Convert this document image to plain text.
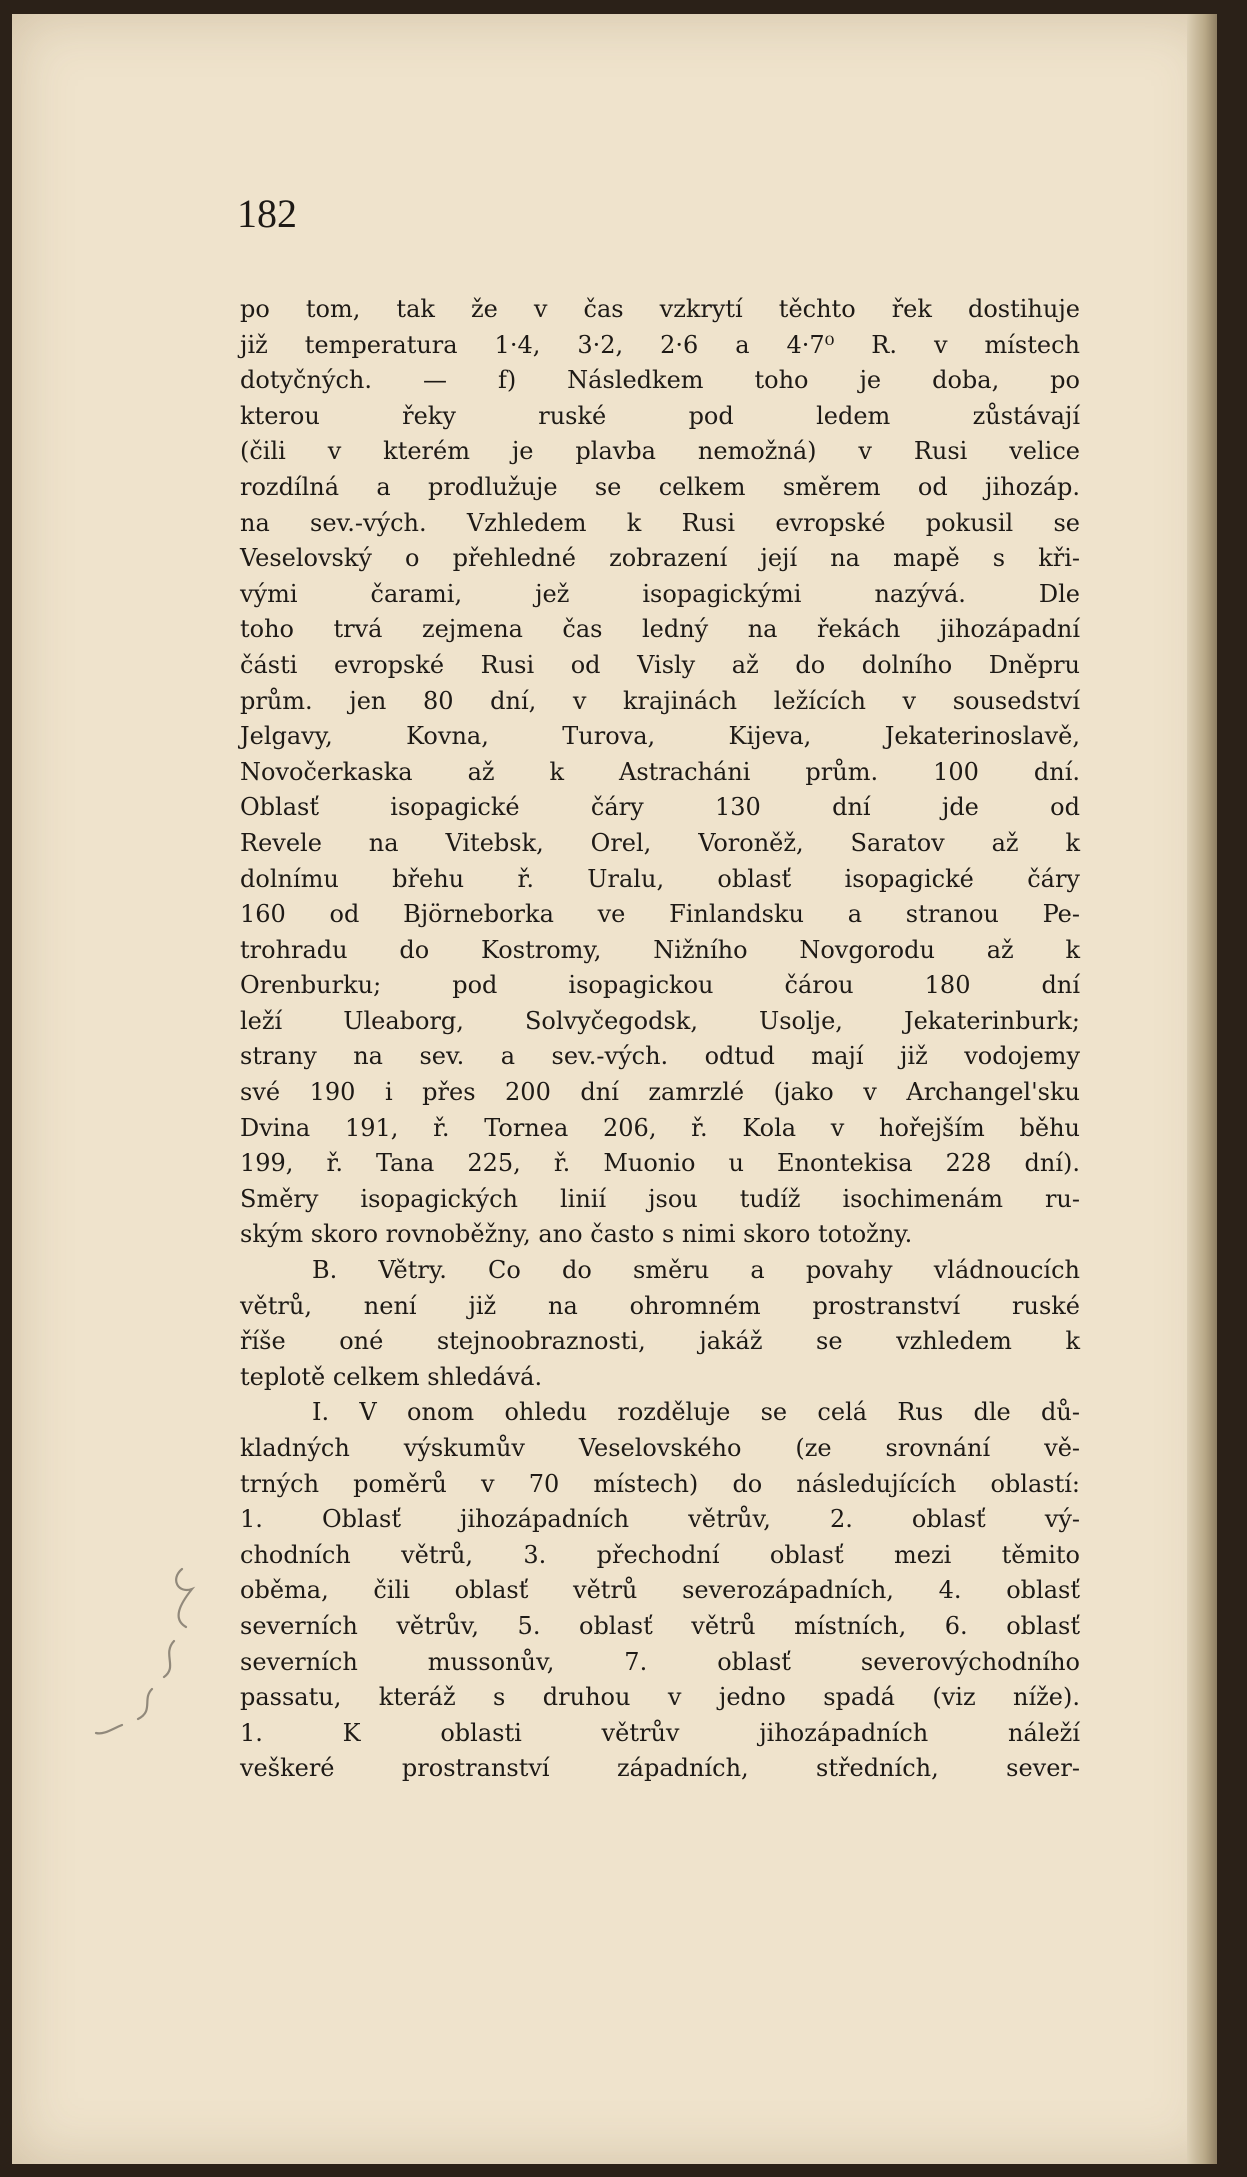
182
po tom, tak že v čas vzkrytí těchto řek dostihuje
již temperatura 1·4, 3·2, 2·6 a 4·7⁰ R. v místech
dotyčných. — f) Následkem toho je doba, po
kterou řeky ruské pod ledem zůstávají
(čili v kterém je plavba nemožná) v Rusi velice
rozdílná a prodlužuje se celkem směrem od jihozáp.
na sev.-vých. Vzhledem k Rusi evropské pokusil se
Veselovský o přehledné zobrazení její na mapě s kři-
vými čarami, jež isopagickými nazývá. Dle
toho trvá zejmena čas ledný na řekách jihozápadní
části evropské Rusi od Visly až do dolního Dněpru
prům. jen 80 dní, v krajinách ležících v sousedství
Jelgavy, Kovna, Turova, Kijeva, Jekaterinoslavě,
Novočerkaska až k Astracháni prům. 100 dní.
Oblasť isopagické čáry 130 dní jde od
Revele na Vitebsk, Orel, Voroněž, Saratov až k
dolnímu břehu ř. Uralu, oblasť isopagické čáry
160 od Björneborka ve Finlandsku a stranou Pe-
trohradu do Kostromy, Nižního Novgorodu až k
Orenburku; pod isopagickou čárou 180 dní
leží Uleaborg, Solvyčegodsk, Usolje, Jekaterinburk;
strany na sev. a sev.-vých. odtud mají již vodojemy
své 190 i přes 200 dní zamrzlé (jako v Archangel'sku
Dvina 191, ř. Tornea 206, ř. Kola v hořejším běhu
199, ř. Tana 225, ř. Muonio u Enontekisa 228 dní).
Směry isopagických linií jsou tudíž isochimenám ru-
ským skoro rovnoběžny, ano často s nimi skoro totožny.
B. Větry. Co do směru a povahy vládnoucích
větrů, není již na ohromném prostranství ruské
říše oné stejnoobraznosti, jakáž se vzhledem k
teplotě celkem shledává.
I. V onom ohledu rozděluje se celá Rus dle dů-
kladných výskumův Veselovského (ze srovnání vě-
trných poměrů v 70 místech) do následujících oblastí:
1. Oblasť jihozápadních větrův, 2. oblasť vý-
chodních větrů, 3. přechodní oblasť mezi těmito
oběma, čili oblasť větrů severozápadních, 4. oblasť
severních větrův, 5. oblasť větrů místních, 6. oblasť
severních mussonův, 7. oblasť severovýchodního
passatu, kteráž s druhou v jedno spadá (viz níže).
1. K oblasti větrův jihozápadních náleží
veškeré prostranství západních, středních, sever-
